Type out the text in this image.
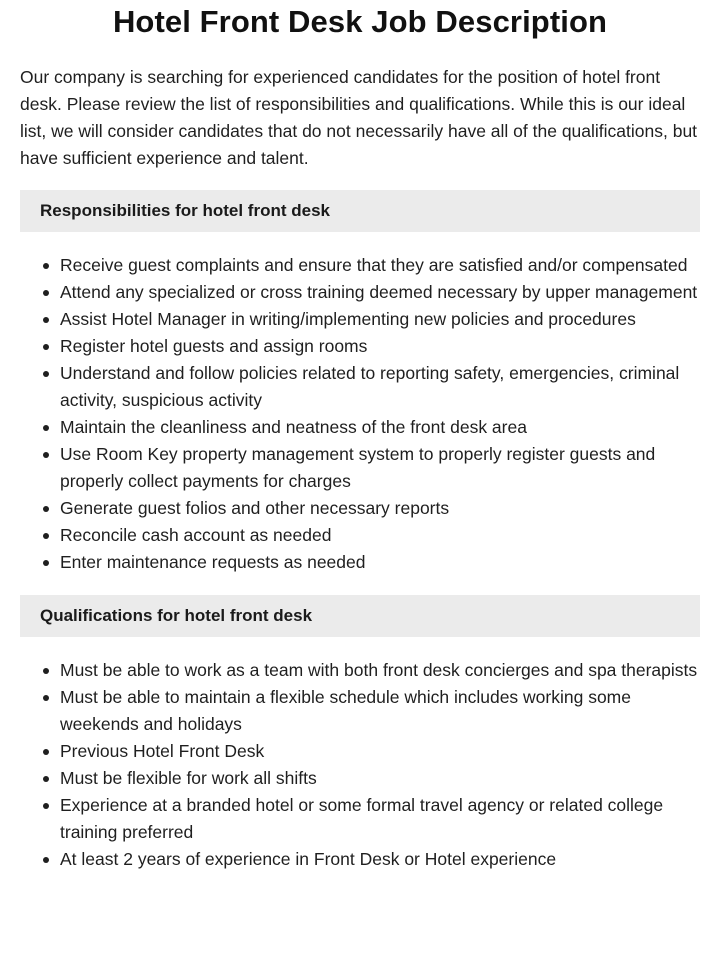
Hotel Front Desk Job Description

Our company is searching for experienced candidates for the position of hotel front desk. Please review the list of responsibilities and qualifications. While this is our ideal list, we will consider candidates that do not necessarily have all of the qualifications, but have sufficient experience and talent.

Responsibilities for hotel front desk
Receive guest complaints and ensure that they are satisfied and/or compensated
Attend any specialized or cross training deemed necessary by upper management
Assist Hotel Manager in writing/implementing new policies and procedures
Register hotel guests and assign rooms
Understand and follow policies related to reporting safety, emergencies, criminal activity, suspicious activity
Maintain the cleanliness and neatness of the front desk area
Use Room Key property management system to properly register guests and properly collect payments for charges
Generate guest folios and other necessary reports
Reconcile cash account as needed
Enter maintenance requests as needed
Qualifications for hotel front desk
Must be able to work as a team with both front desk concierges and spa therapists
Must be able to maintain a flexible schedule which includes working some weekends and holidays
Previous Hotel Front Desk
Must be flexible for work all shifts
Experience at a branded hotel or some formal travel agency or related college training preferred
At least 2 years of experience in Front Desk or Hotel experience
